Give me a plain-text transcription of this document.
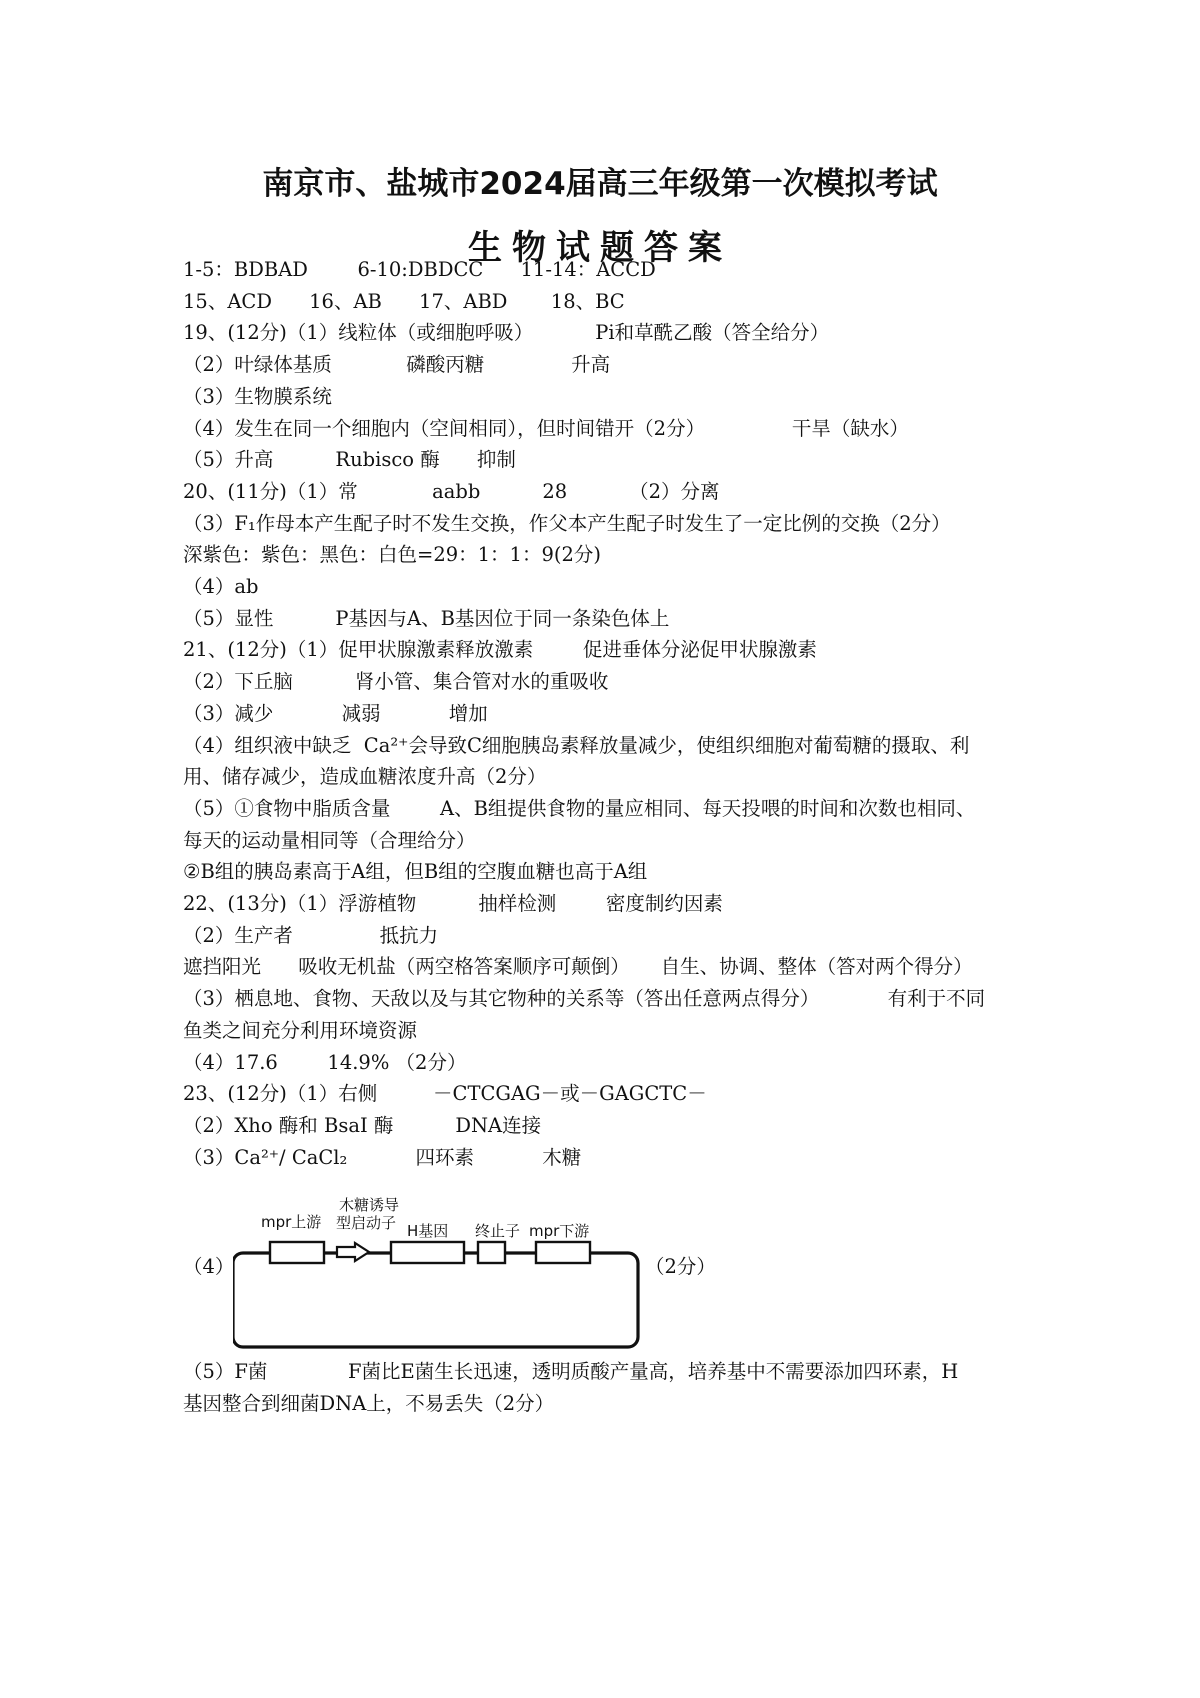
南京市、盐城市2024届高三年级第一次模拟考试
生物试题答案
1-5：BDBAD        6-10:DBDCC      11-14：ACCD
15、ACD      16、AB      17、ABD       18、BC
19、(12分)（1）线粒体（或细胞呼吸）          Pi和草酰乙酸（答全给分）
（2）叶绿体基质            磷酸丙糖              升高
（3）生物膜系统
（4）发生在同一个细胞内（空间相同），但时间错开（2分）              干旱（缺水）
（5）升高          Rubisco 酶      抑制
20、(11分)（1）常            aabb          28          （2）分离
（3）F₁作母本产生配子时不发生交换，作父本产生配子时发生了一定比例的交换（2分）
深紫色：紫色：黑色：白色=29：1：1：9(2分)
（4）ab
（5）显性          P基因与A、B基因位于同一条染色体上
21、(12分)（1）促甲状腺激素释放激素        促进垂体分泌促甲状腺激素
（2）下丘脑          肾小管、集合管对水的重吸收
（3）减少           减弱           增加
（4）组织液中缺乏  Ca²⁺会导致C细胞胰岛素释放量减少，使组织细胞对葡萄糖的摄取、利
用、储存减少，造成血糖浓度升高（2分）
（5）①食物中脂质含量        A、B组提供食物的量应相同、每天投喂的时间和次数也相同、
每天的运动量相同等（合理给分）
②B组的胰岛素高于A组，但B组的空腹血糖也高于A组
22、(13分)（1）浮游植物          抽样检测        密度制约因素
（2）生产者              抵抗力
遮挡阳光      吸收无机盐（两空格答案顺序可颠倒）     自生、协调、整体（答对两个得分）
（3）栖息地、食物、天敌以及与其它物种的关系等（答出任意两点得分）           有利于不同
鱼类之间充分利用环境资源
（4）17.6        14.9% （2分）
23、(12分)（1）右侧         －CTCGAG－或－GAGCTC－
（2）Xho 酶和 BsaI 酶          DNA连接
（3）Ca²⁺/ CaCl₂           四环素           木糖
（4）
mpr上游
木糖诱导
型启动子 H基因 终止子 mpr下游
（2分）
（5）F菌             F菌比E菌生长迅速，透明质酸产量高，培养基中不需要添加四环素，H
基因整合到细菌DNA上，不易丢失（2分）
